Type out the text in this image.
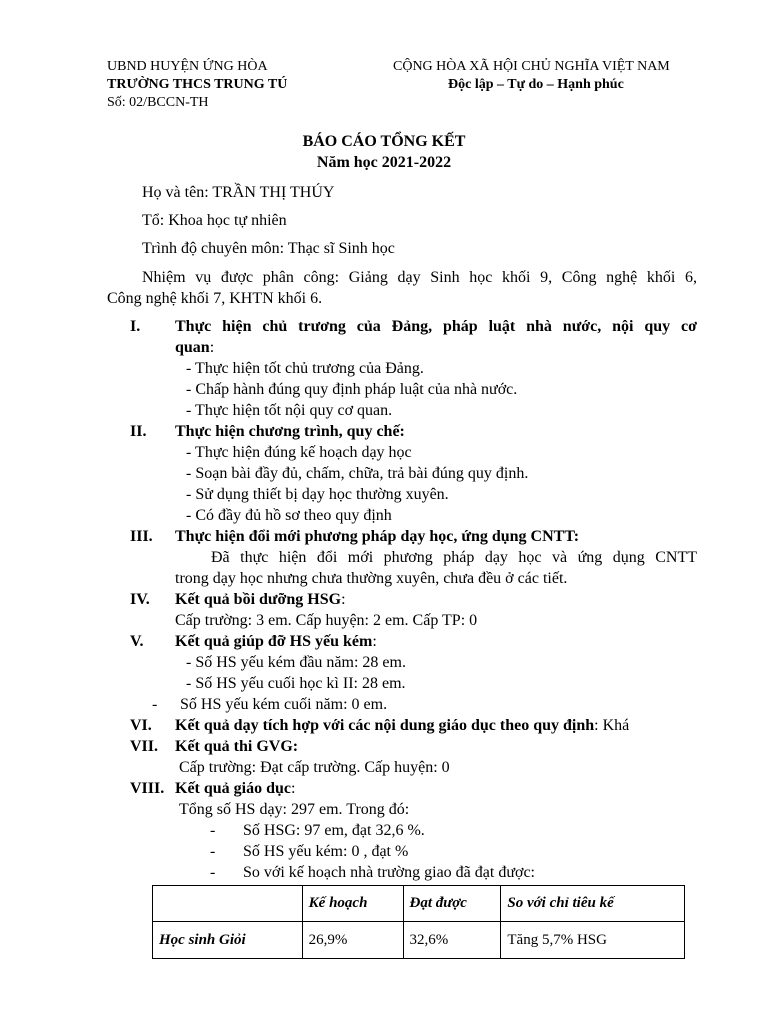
UBND HUYỆN ỨNG HÒA
TRƯỜNG THCS TRUNG TÚ
Số: 02/BCCN-TH
CỘNG HÒA XÃ HỘI CHỦ NGHĨA VIỆT NAM
Độc lập – Tự do – Hạnh phúc
BÁO CÁO TỔNG KẾT
Năm học 2021-2022
Họ và tên: TRẦN THỊ THÚY
Tổ: Khoa học tự nhiên
Trình độ chuyên môn: Thạc sĩ Sinh học
Nhiệm vụ được phân công: Giảng dạy Sinh học khối 9, Công nghệ khối 6,
Công nghệ khối 7, KHTN khối 6.
I. Thực hiện chủ trương của Đảng, pháp luật nhà nước, nội quy cơ
quan:
- Thực hiện tốt chủ trương của Đảng.
- Chấp hành đúng quy định pháp luật của nhà nước.
- Thực hiện tốt nội quy cơ quan.
II. Thực hiện chương trình, quy chế:
- Thực hiện đúng kế hoạch dạy học
- Soạn bài đầy đủ, chấm, chữa, trả bài đúng quy định.
- Sử dụng thiết bị dạy học thường xuyên.
- Có đầy đủ hồ sơ theo quy định
III. Thực hiện đổi mới phương pháp dạy học, ứng dụng CNTT:
Đã thực hiện đổi mới phương pháp dạy học và ứng dụng CNTT
trong dạy học nhưng chưa thường xuyên, chưa đều ở các tiết.
IV. Kết quả bồi dưỡng HSG:
Cấp trường: 3 em. Cấp huyện: 2 em. Cấp TP: 0
V. Kết quả giúp đỡ HS yếu kém:
- Số HS yếu kém đầu năm: 28 em.
- Số HS yếu cuối học kì II: 28 em.
- Số HS yếu kém cuối năm: 0 em.
VI. Kết quả dạy tích hợp với các nội dung giáo dục theo quy định: Khá
VII. Kết quả thi GVG:
Cấp trường: Đạt cấp trường. Cấp huyện: 0
VIII. Kết quả giáo dục:
Tổng số HS dạy: 297 em. Trong đó:
- Số HSG: 97 em, đạt 32,6 %.
- Số HS yếu kém: 0 , đạt %
- So với kế hoạch nhà trường giao đã đạt được:
	Kế hoạch	Đạt được	So với chỉ tiêu kế
Học sinh Giỏi	26,9%	32,6%	Tăng 5,7% HSG
